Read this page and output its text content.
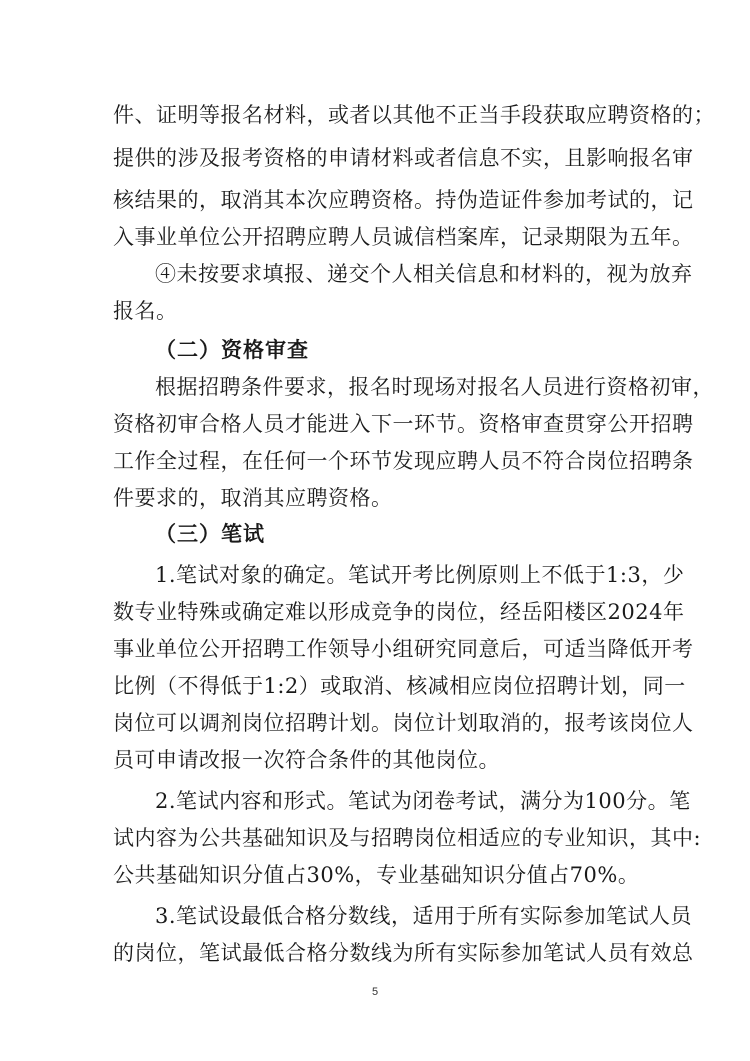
件、证明等报名材料，或者以其他不正当手段获取应聘资格的；
提供的涉及报考资格的申请材料或者信息不实，且影响报名审
核结果的，取消其本次应聘资格。持伪造证件参加考试的，记
入事业单位公开招聘应聘人员诚信档案库，记录期限为五年。
④未按要求填报、递交个人相关信息和材料的，视为放弃
报名。
（二）资格审查
根据招聘条件要求，报名时现场对报名人员进行资格初审，
资格初审合格人员才能进入下一环节。资格审查贯穿公开招聘
工作全过程，在任何一个环节发现应聘人员不符合岗位招聘条
件要求的，取消其应聘资格。
（三）笔试
1.笔试对象的确定。笔试开考比例原则上不低于1:3，少
数专业特殊或确定难以形成竞争的岗位，经岳阳楼区2024年
事业单位公开招聘工作领导小组研究同意后，可适当降低开考
比例（不得低于1:2）或取消、核减相应岗位招聘计划，同一
岗位可以调剂岗位招聘计划。岗位计划取消的，报考该岗位人
员可申请改报一次符合条件的其他岗位。
2.笔试内容和形式。笔试为闭卷考试，满分为100分。笔
试内容为公共基础知识及与招聘岗位相适应的专业知识，其中:
公共基础知识分值占30%，专业基础知识分值占70%。
3.笔试设最低合格分数线，适用于所有实际参加笔试人员
的岗位，笔试最低合格分数线为所有实际参加笔试人员有效总
5
